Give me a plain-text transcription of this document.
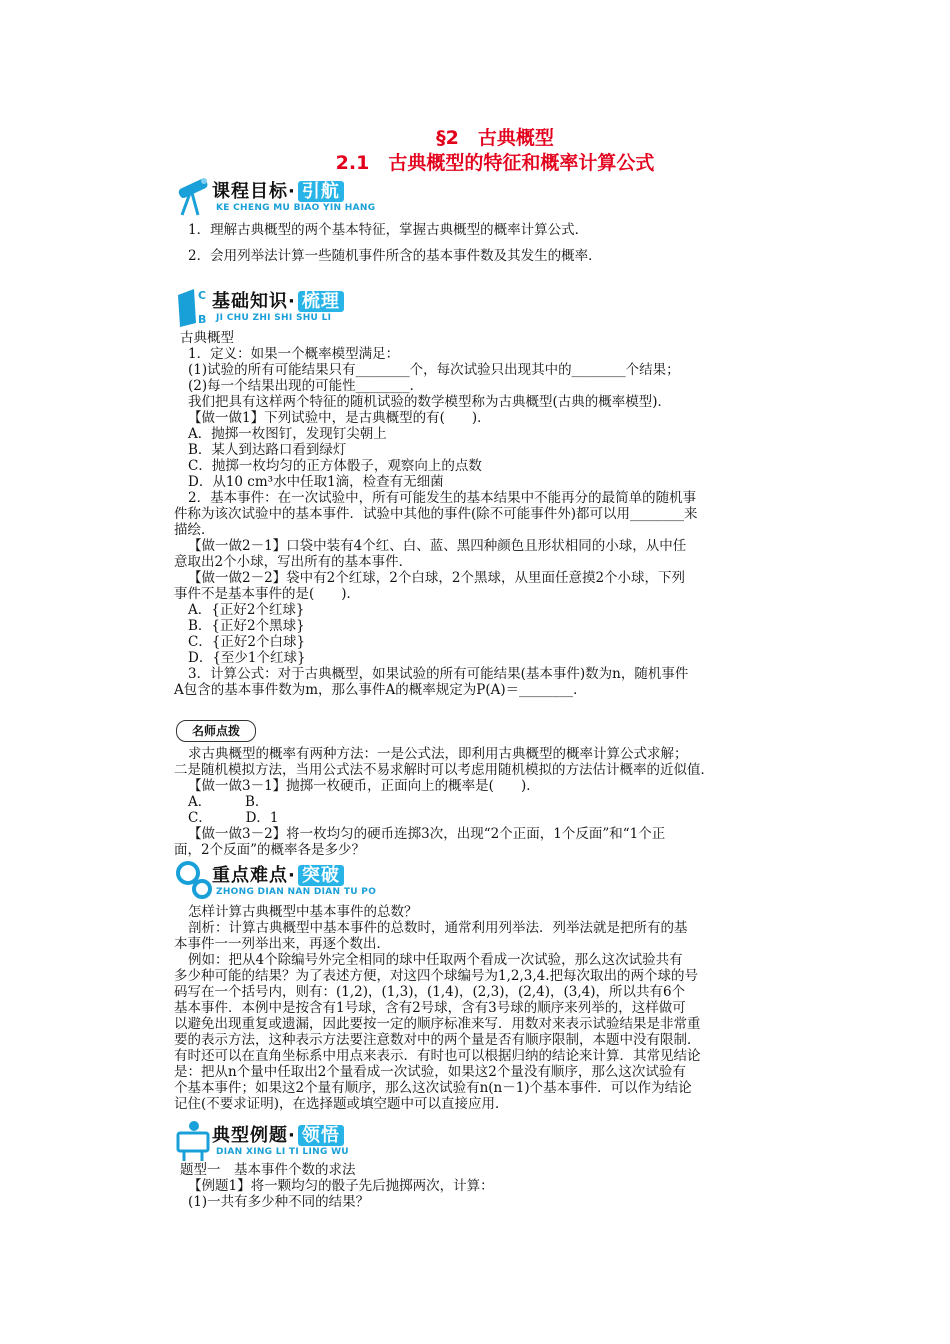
§2　古典概型
2.1　古典概型的特征和概率计算公式
课程目标· 引航
KE CHENG MU BIAO YIN HANG
1．理解古典概型的两个基本特征，掌握古典概型的概率计算公式．
2．会用列举法计算一些随机事件所含的基本事件数及其发生的概率．
C
B
基础知识· 梳理
JI CHU ZHI SHI SHU LI
古典概型
1．定义：如果一个概率模型满足：
(1)试验的所有可能结果只有________个，每次试验只出现其中的________个结果；
(2)每一个结果出现的可能性________．
我们把具有这样两个特征的随机试验的数学模型称为古典概型(古典的概率模型)．
【做一做1】下列试验中，是古典概型的有(　　)．
A．抛掷一枚图钉，发现钉尖朝上
B．某人到达路口看到绿灯
C．抛掷一枚均匀的正方体骰子，观察向上的点数
D．从10 cm³水中任取1滴，检查有无细菌
2．基本事件：在一次试验中，所有可能发生的基本结果中不能再分的最简单的随机事
件称为该次试验中的基本事件．试验中其他的事件(除不可能事件外)都可以用________来
描绘．
【做一做2－1】口袋中装有4个红、白、蓝、黑四种颜色且形状相同的小球，从中任
意取出2个小球，写出所有的基本事件．
【做一做2－2】袋中有2个红球，2个白球，2个黑球，从里面任意摸2个小球，下列
事件不是基本事件的是(　　)．
A．{正好2个红球}
B．{正好2个黑球}
C．{正好2个白球}
D．{至少1个红球}
3．计算公式：对于古典概型，如果试验的所有可能结果(基本事件)数为n，随机事件
A包含的基本事件数为m，那么事件A的概率规定为P(A)＝________．
名师点拨
求古典概型的概率有两种方法：一是公式法，即利用古典概型的概率计算公式求解；
二是随机模拟方法，当用公式法不易求解时可以考虑用随机模拟的方法估计概率的近似值．
【做一做3－1】抛掷一枚硬币，正面向上的概率是(　　)．
A．　　　B．
C．　　　D．1
【做一做3－2】将一枚均匀的硬币连掷3次，出现“2个正面，1个反面”和“1个正
面，2个反面”的概率各是多少？
重点难点· 突破
ZHONG DIAN NAN DIAN TU PO
怎样计算古典概型中基本事件的总数？
剖析：计算古典概型中基本事件的总数时，通常利用列举法．列举法就是把所有的基
本事件一一列举出来，再逐个数出．
例如：把从4个除编号外完全相同的球中任取两个看成一次试验，那么这次试验共有
多少种可能的结果？为了表述方便，对这四个球编号为1,2,3,4.把每次取出的两个球的号
码写在一个括号内，则有：(1,2)，(1,3)，(1,4)，(2,3)，(2,4)，(3,4)，所以共有6个
基本事件．本例中是按含有1号球，含有2号球，含有3号球的顺序来列举的，这样做可
以避免出现重复或遗漏，因此要按一定的顺序标准来写．用数对来表示试验结果是非常重
要的表示方法，这种表示方法要注意数对中的两个量是否有顺序限制，本题中没有限制．
有时还可以在直角坐标系中用点来表示．有时也可以根据归纳的结论来计算．其常见结论
是：把从n个量中任取出2个量看成一次试验，如果这2个量没有顺序，那么这次试验有
个基本事件；如果这2个量有顺序，那么这次试验有n(n－1)个基本事件．可以作为结论
记住(不要求证明)，在选择题或填空题中可以直接应用．
典型例题· 领悟
DIAN XING LI TI LING WU
题型一　基本事件个数的求法
【例题1】将一颗均匀的骰子先后抛掷两次，计算：
(1)一共有多少种不同的结果？
